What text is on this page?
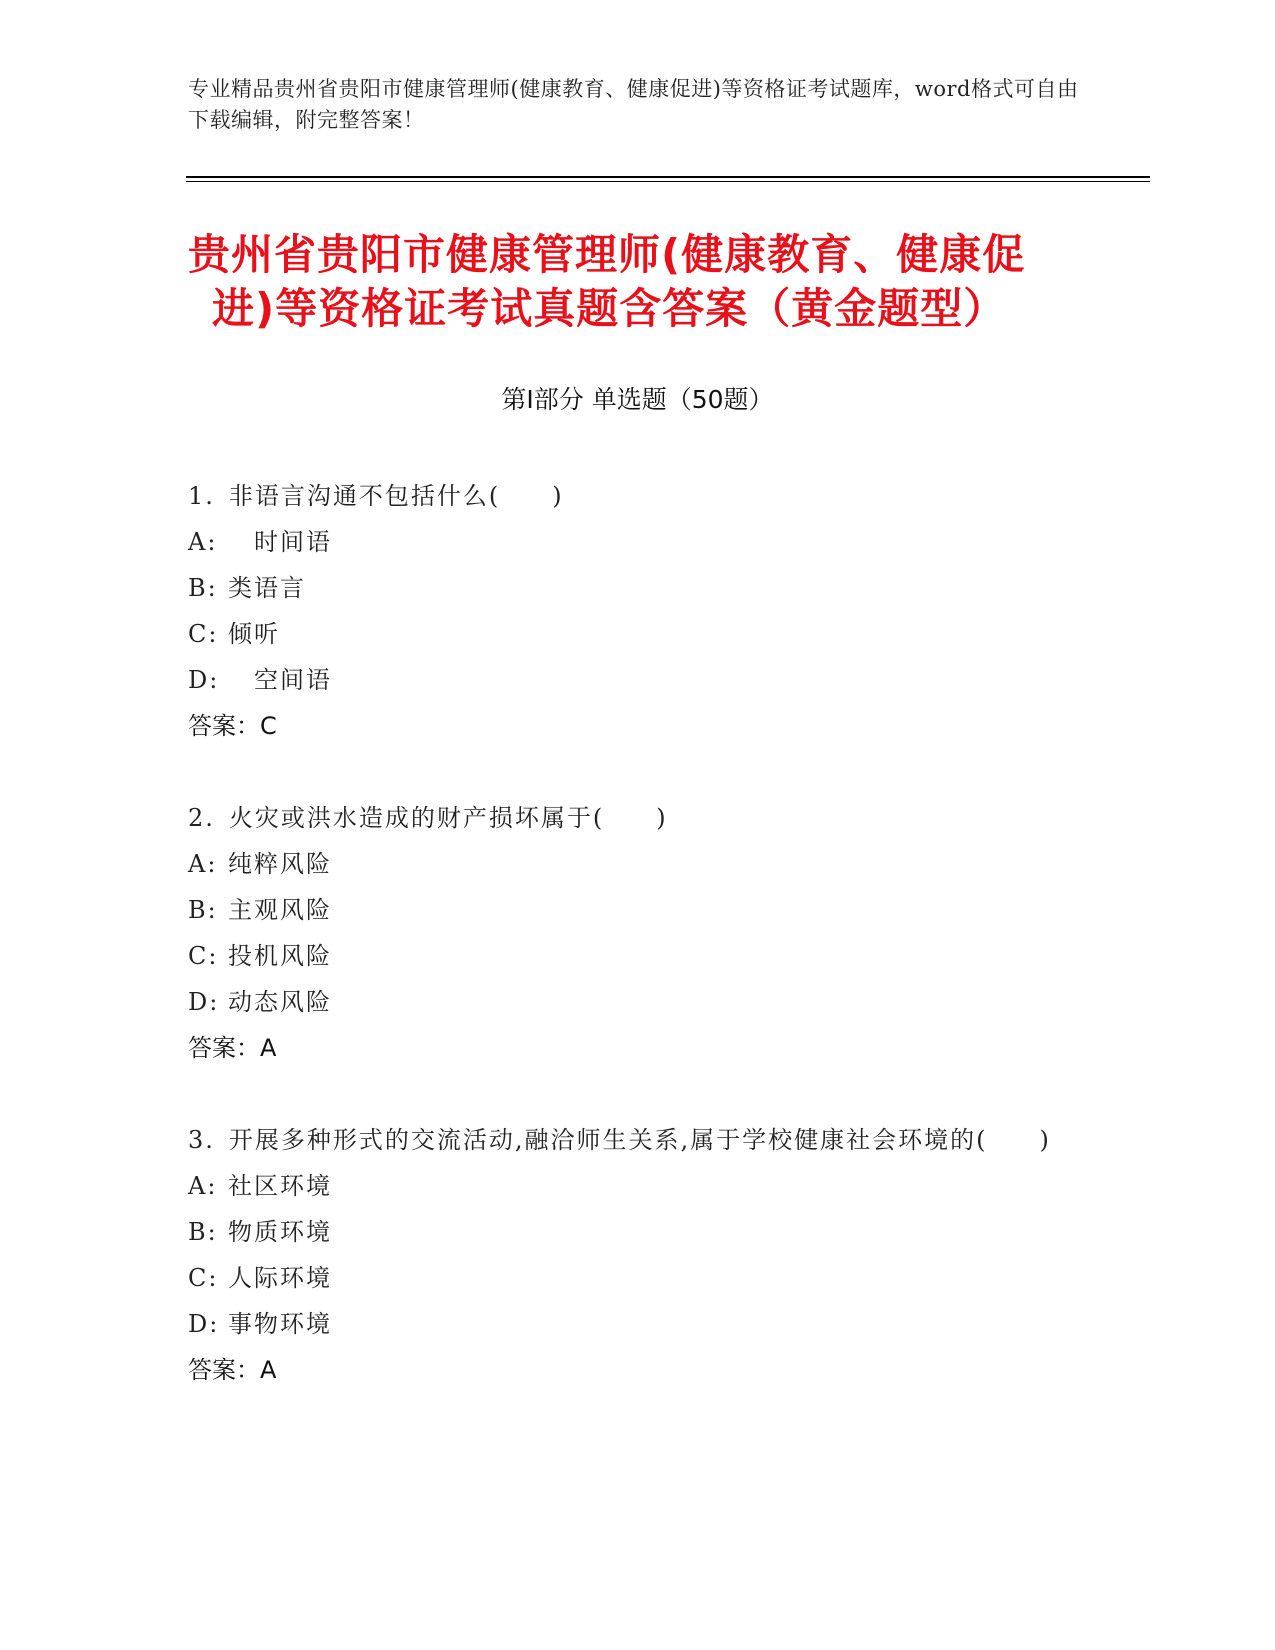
专业精品贵州省贵阳市健康管理师(健康教育、健康促进)等资格证考试题库，word格式可自由下载编辑，附完整答案！
贵州省贵阳市健康管理师(健康教育、健康促
进)等资格证考试真题含答案（黄金题型）
第Ⅰ部分 单选题（50题）

1. 非语言沟通不包括什么(　　)

A:　时间语

B: 类语言

C: 倾听

D:　空间语

答案：C

2. 火灾或洪水造成的财产损坏属于(　　)

A: 纯粹风险

B: 主观风险

C: 投机风险

D: 动态风险

答案：A

3. 开展多种形式的交流活动,融洽师生关系,属于学校健康社会环境的(　　)

A: 社区环境

B: 物质环境

C: 人际环境

D: 事物环境

答案：A
